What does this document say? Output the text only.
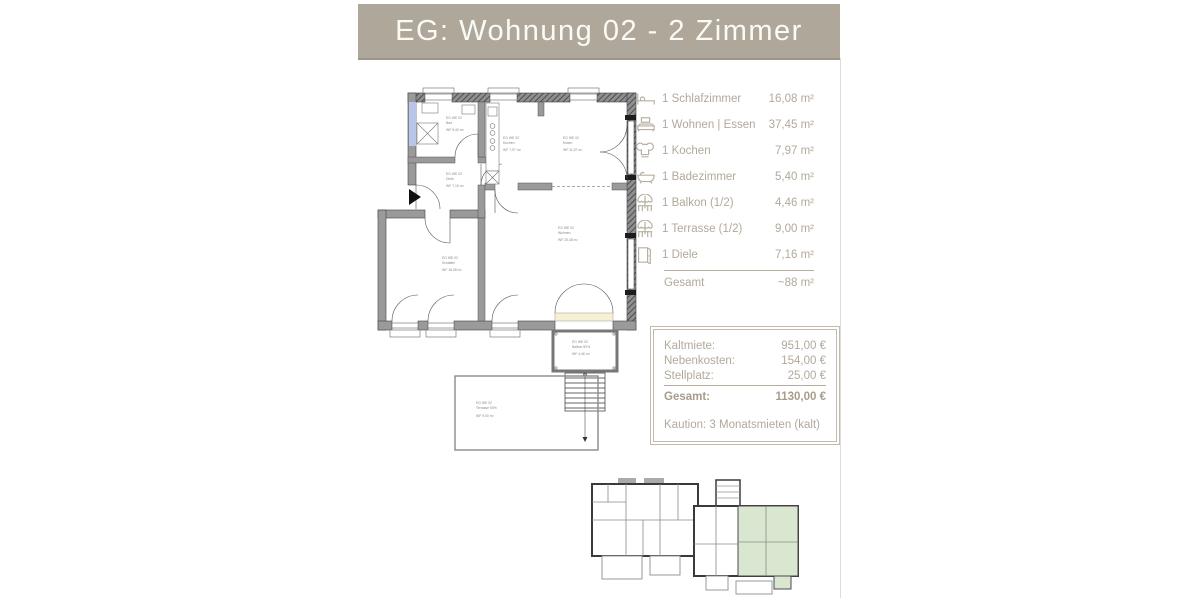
EG: Wohnung 02 - 2 Zimmer
EG WE 02
Bad
WF 5,40 m²
EG WE 02
Kochen
WF 7,97 m²
EG WE 02
Essen
WF 11,97 m²
EG WE 02
Diele
WF 7,16 m²
EG WE 02
Schlafen
WF 16,08 m²
EG WE 02
Wohnen
WF 25,48 m²
EG WE 02
Balkon 50%
WF 4,46 m²
EG WE 02
Terrasse 50%
WF 9,00 m²
1 Schlafzimmer	16,08 m²
1 Wohnen | Essen	37,45 m²
1 Kochen	7,97 m²
1 Badezimmer	5,40 m²
1 Balkon (1/2)	4,46 m²
1 Terrasse (1/2)	9,00 m²
1 Diele	7,16 m²
Gesamt	~88 m²
Kaltmiete:	951,00 €
Nebenkosten:	154,00 €
Stellplatz:	25,00 €
Gesamt:	1130,00 €
Kaution: 3 Monatsmieten (kalt)
